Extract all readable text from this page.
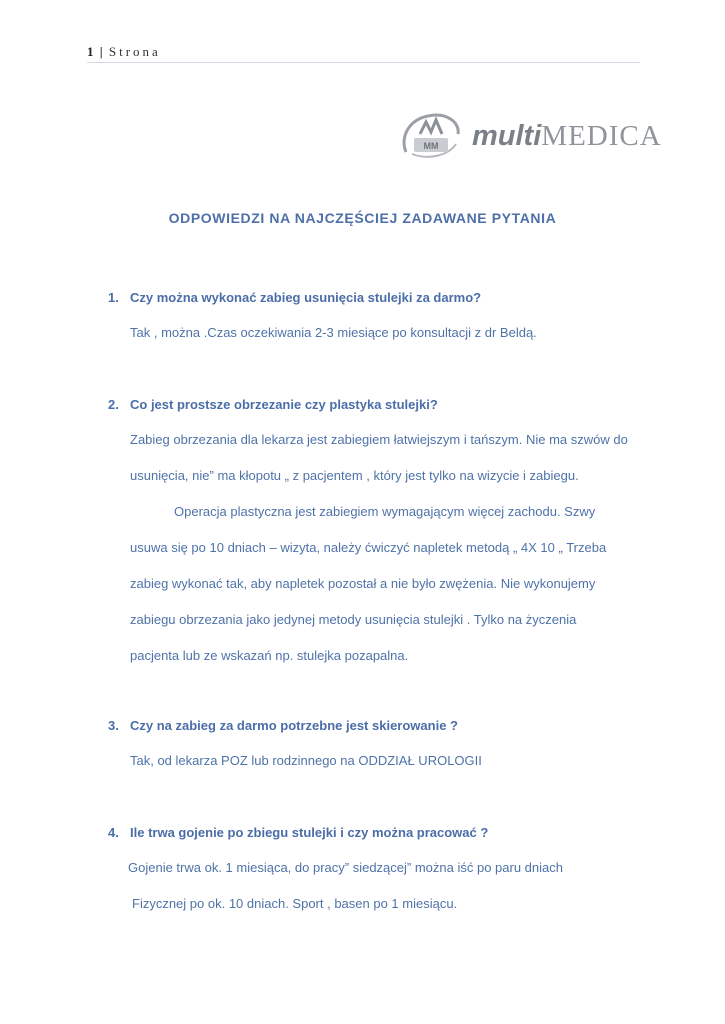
1 | Strona
MM multiMEDICA
ODPOWIEDZI NA NAJCZĘŚCIEJ ZADAWANE PYTANIA
1. Czy można wykonać zabieg usunięcia stulejki za darmo?
Tak , można .Czas oczekiwania 2-3 miesiące po konsultacji z dr Beldą.
2. Co jest prostsze obrzezanie czy plastyka stulejki?
Zabieg obrzezania dla lekarza jest zabiegiem łatwiejszym i tańszym. Nie ma szwów do
usunięcia, nie” ma kłopotu „ z pacjentem , który jest tylko na wizycie i zabiegu.
Operacja plastyczna jest zabiegiem wymagającym więcej zachodu. Szwy
usuwa się po 10 dniach – wizyta, należy ćwiczyć napletek metodą „ 4X 10 „ Trzeba
zabieg wykonać tak, aby napletek pozostał a nie było zwężenia. Nie wykonujemy
zabiegu obrzezania jako jedynej metody usunięcia stulejki . Tylko na życzenia
pacjenta lub ze wskazań np. stulejka pozapalna.
3. Czy na zabieg za darmo potrzebne jest skierowanie ?
Tak, od lekarza POZ lub rodzinnego na ODDZIAŁ UROLOGII
4. Ile trwa gojenie po zbiegu stulejki i czy można pracować ?
Gojenie trwa ok. 1 miesiąca, do pracy” siedzącej” można iść po paru dniach
Fizycznej po ok. 10 dniach. Sport , basen po 1 miesiącu.
